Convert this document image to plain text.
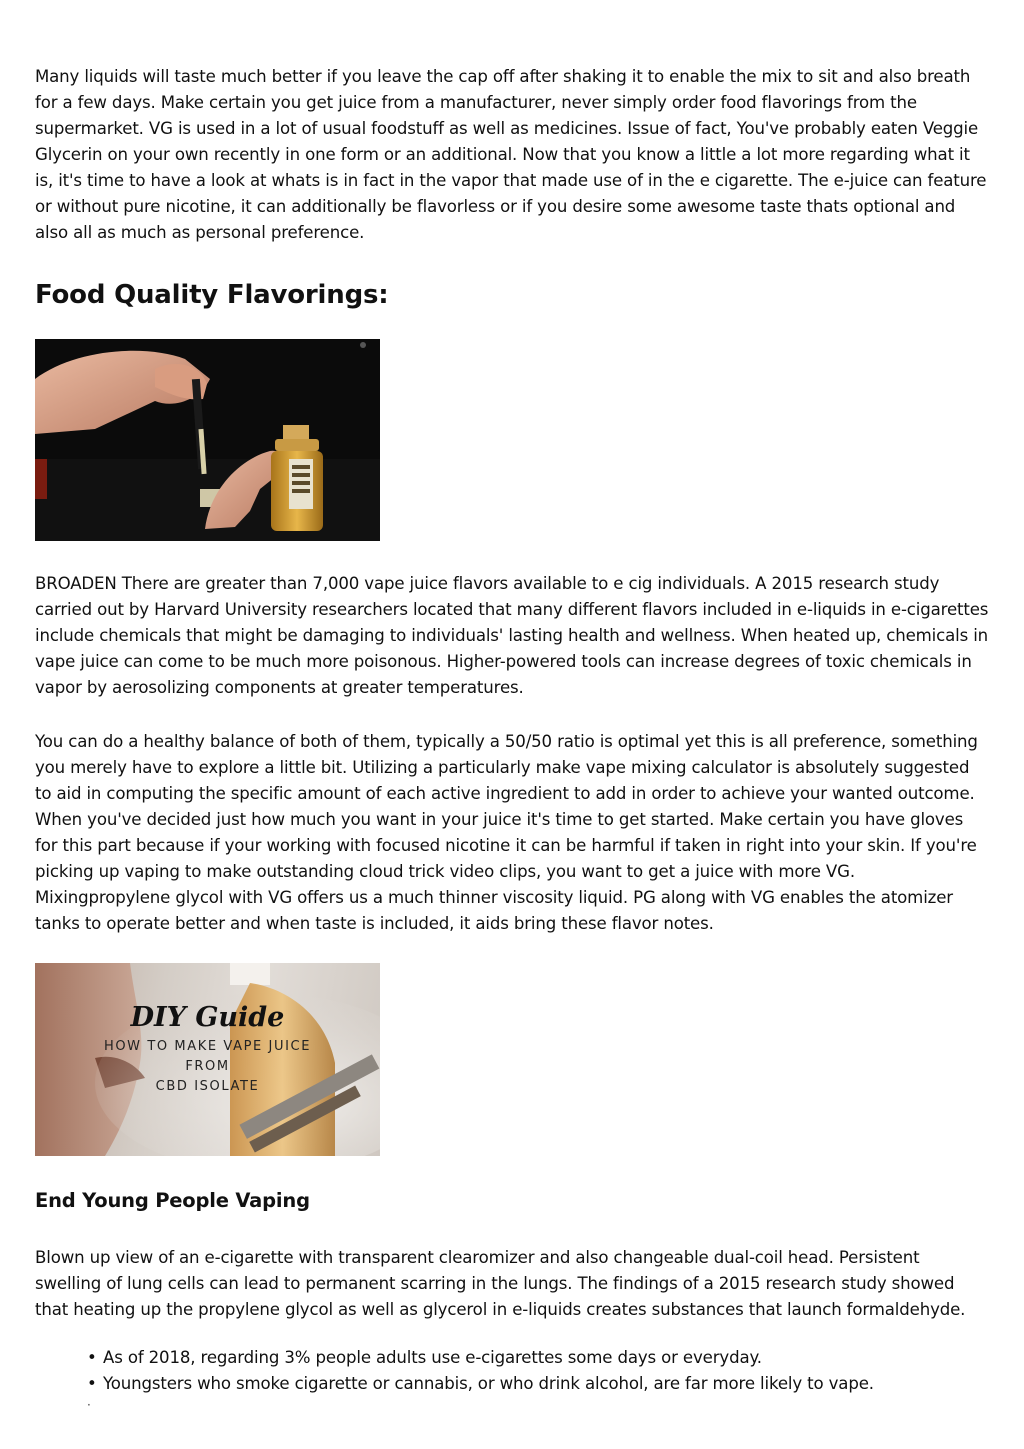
Many liquids will taste much better if you leave the cap off after shaking it to enable the mix to sit and also breath for a few days. Make certain you get juice from a manufacturer, never simply order food flavorings from the supermarket. VG is used in a lot of usual foodstuff as well as medicines. Issue of fact, You've probably eaten Veggie Glycerin on your own recently in one form or an additional. Now that you know a little a lot more regarding what it is, it's time to have a look at whats is in fact in the vapor that made use of in the e cigarette. The e-juice can feature or without pure nicotine, it can additionally be flavorless or if you desire some awesome taste thats optional and also all as much as personal preference.

Food Quality Flavorings:

BROADEN There are greater than 7,000 vape juice flavors available to e cig individuals. A 2015 research study carried out by Harvard University researchers located that many different flavors included in e-liquids in e-cigarettes include chemicals that might be damaging to individuals' lasting health and wellness. When heated up, chemicals in vape juice can come to be much more poisonous. Higher-powered tools can increase degrees of toxic chemicals in vapor by aerosolizing components at greater temperatures.

You can do a healthy balance of both of them, typically a 50/50 ratio is optimal yet this is all preference, something you merely have to explore a little bit. Utilizing a particularly make vape mixing calculator is absolutely suggested to aid in computing the specific amount of each active ingredient to add in order to achieve your wanted outcome. When you've decided just how much you want in your juice it's time to get started. Make certain you have gloves for this part because if your working with focused nicotine it can be harmful if taken in right into your skin. If you're picking up vaping to make outstanding cloud trick video clips, you want to get a juice with more VG. Mixingpropylene glycol with VG offers us a much thinner viscosity liquid. PG along with VG enables the atomizer tanks to operate better and when taste is included, it aids bring these flavor notes.

DIY Guide
HOW TO MAKE VAPE JUICE
FROM
CBD ISOLATE
End Young People Vaping

Blown up view of an e-cigarette with transparent clearomizer and also changeable dual-coil head. Persistent swelling of lung cells can lead to permanent scarring in the lungs. The findings of a 2015 research study showed that heating up the propylene glycol as well as glycerol in e-liquids creates substances that launch formaldehyde.

• As of 2018, regarding 3% people adults use e-cigarettes some days or everyday.
• Youngsters who smoke cigarette or cannabis, or who drink alcohol, are far more likely to vape.
·
